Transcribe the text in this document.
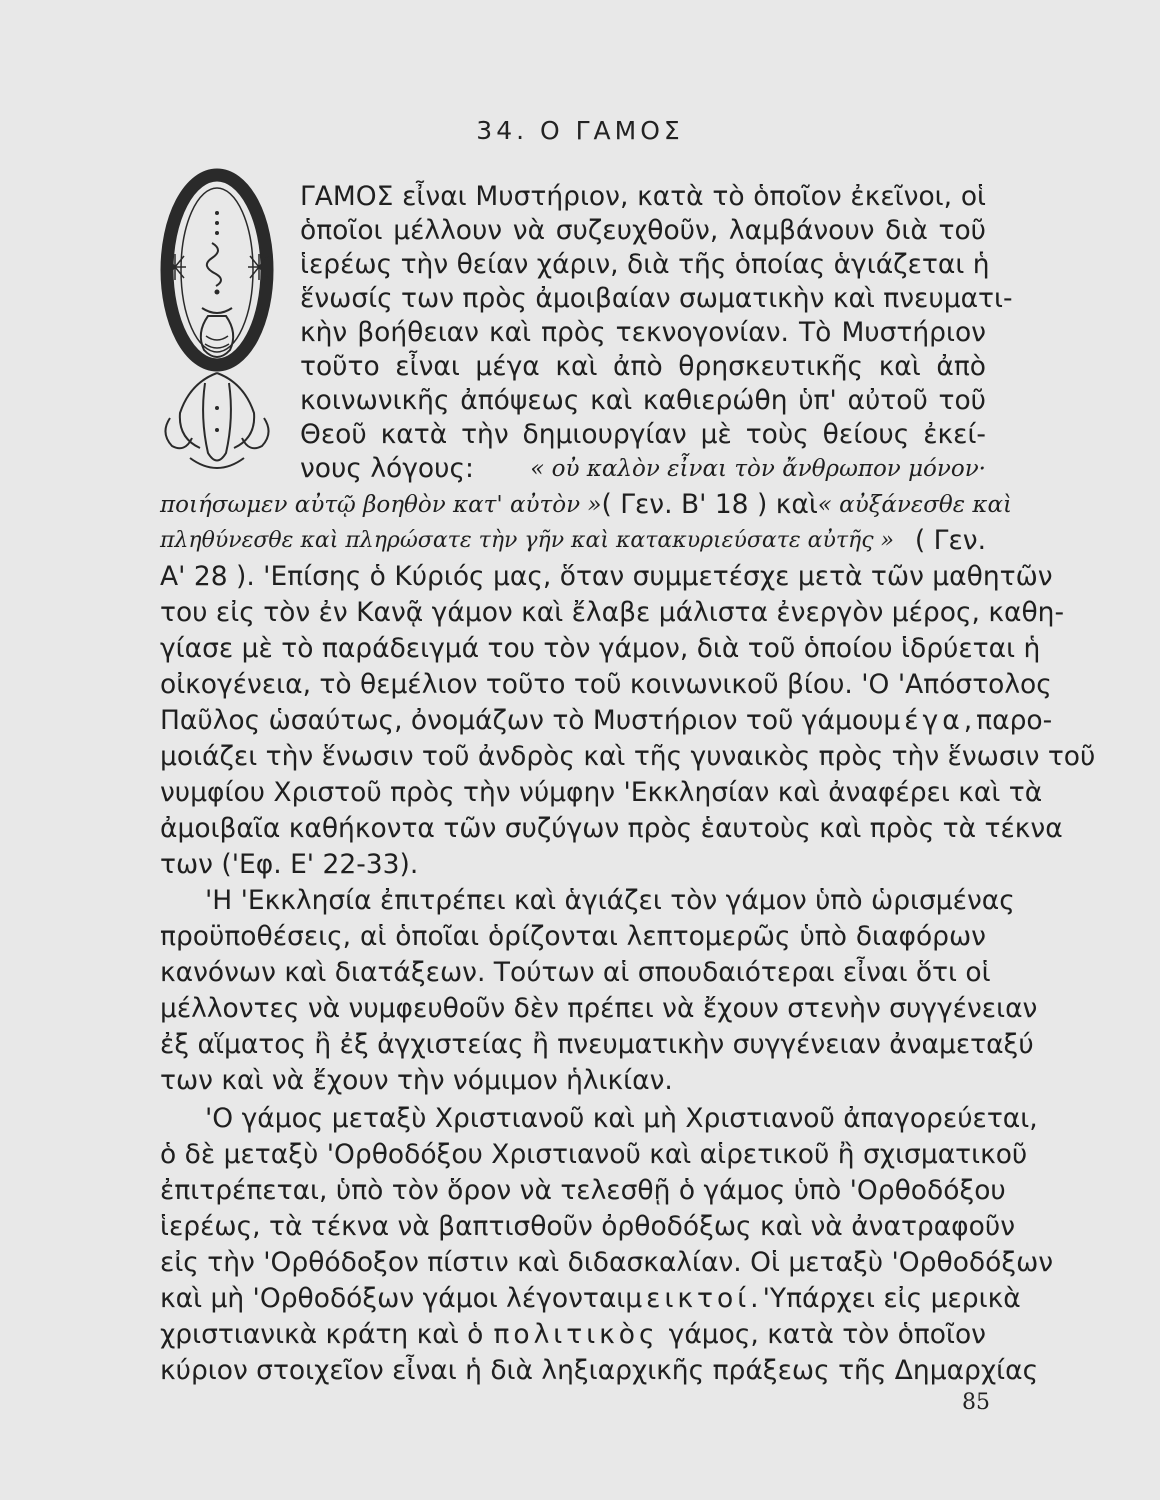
34. Ο ΓΑΜΟΣ
ΓΑΜΟΣ εἶναι Μυστήριον, κατὰ τὸ ὁποῖον ἐκεῖνοι, οἱ
ὁποῖοι μέλλουν νὰ συζευχθοῦν, λαμβάνουν διὰ τοῦ
ἱερέως τὴν θείαν χάριν, διὰ τῆς ὁποίας ἁγιάζεται ἡ
ἕνωσίς των πρὸς ἀμοιβαίαν σωματικὴν καὶ πνευματι-
κὴν βοήθειαν καὶ πρὸς τεκνογονίαν. Τὸ Μυστήριον
τοῦτο εἶναι μέγα καὶ ἀπὸ θρησκευτικῆς καὶ ἀπὸ
κοινωνικῆς ἀπόψεως καὶ καθιερώθη ὑπ' αὐτοῦ τοῦ
Θεοῦ κατὰ τὴν δημιουργίαν μὲ τοὺς θείους ἐκεί-
νους λόγους: « οὐ καλὸν εἶναι τὸν ἄνθρωπον μόνον·
ποιήσωμεν αὐτῷ βοηθὸν κατ' αὐτὸν » ( Γεν. Β' 18 ) καὶ « αὐξάνεσθε καὶ
πληθύνεσθε καὶ πληρώσατε τὴν γῆν καὶ κατακυριεύσατε αὐτῆς » ( Γεν.
Α' 28 ). 'Επίσης ὁ Κύριός μας, ὅταν συμμετέσχε μετὰ τῶν μαθητῶν
του εἰς τὸν ἐν Κανᾷ γάμον καὶ ἔλαβε μάλιστα ἐνεργὸν μέρος, καθη-
γίασε μὲ τὸ παράδειγμά του τὸν γάμον, διὰ τοῦ ὁποίου ἱδρύεται ἡ
οἰκογένεια, τὸ θεμέλιον τοῦτο τοῦ κοινωνικοῦ βίου. 'Ο 'Απόστολος
Παῦλος ὡσαύτως, ὀνομάζων τὸ Μυστήριον τοῦ γάμου μέγα, παρο-
μοιάζει τὴν ἕνωσιν τοῦ ἀνδρὸς καὶ τῆς γυναικὸς πρὸς τὴν ἕνωσιν τοῦ
νυμφίου Χριστοῦ πρὸς τὴν νύμφην 'Εκκλησίαν καὶ ἀναφέρει καὶ τὰ
ἀμοιβαῖα καθήκοντα τῶν συζύγων πρὸς ἑαυτοὺς καὶ πρὸς τὰ τέκνα
των ('Εφ. Ε' 22-33).
'Η 'Εκκλησία ἐπιτρέπει καὶ ἁγιάζει τὸν γάμον ὑπὸ ὡρισμένας
προϋποθέσεις, αἱ ὁποῖαι ὁρίζονται λεπτομερῶς ὑπὸ διαφόρων
κανόνων καὶ διατάξεων. Τούτων αἱ σπουδαιότεραι εἶναι ὅτι οἱ
μέλλοντες νὰ νυμφευθοῦν δὲν πρέπει νὰ ἔχουν στενὴν συγγένειαν
ἐξ αἵματος ἢ ἐξ ἀγχιστείας ἢ πνευματικὴν συγγένειαν ἀναμεταξύ
των καὶ νὰ ἔχουν τὴν νόμιμον ἡλικίαν.
'Ο γάμος μεταξὺ Χριστιανοῦ καὶ μὴ Χριστιανοῦ ἀπαγορεύεται,
ὁ δὲ μεταξὺ 'Ορθοδόξου Χριστιανοῦ καὶ αἱρετικοῦ ἢ σχισματικοῦ
ἐπιτρέπεται, ὑπὸ τὸν ὅρον νὰ τελεσθῇ ὁ γάμος ὑπὸ 'Ορθοδόξου
ἱερέως, τὰ τέκνα νὰ βαπτισθοῦν ὀρθοδόξως καὶ νὰ ἀνατραφοῦν
εἰς τὴν 'Ορθόδοξον πίστιν καὶ διδασκαλίαν. Οἱ μεταξὺ 'Ορθοδόξων
καὶ μὴ 'Ορθοδόξων γάμοι λέγονται μεικτοί. 'Υπάρχει εἰς μερικὰ
χριστιανικὰ κράτη καὶ ὁ πολιτικὸς γάμος, κατὰ τὸν ὁποῖον
κύριον στοιχεῖον εἶναι ἡ διὰ ληξιαρχικῆς πράξεως τῆς Δημαρχίας
85
